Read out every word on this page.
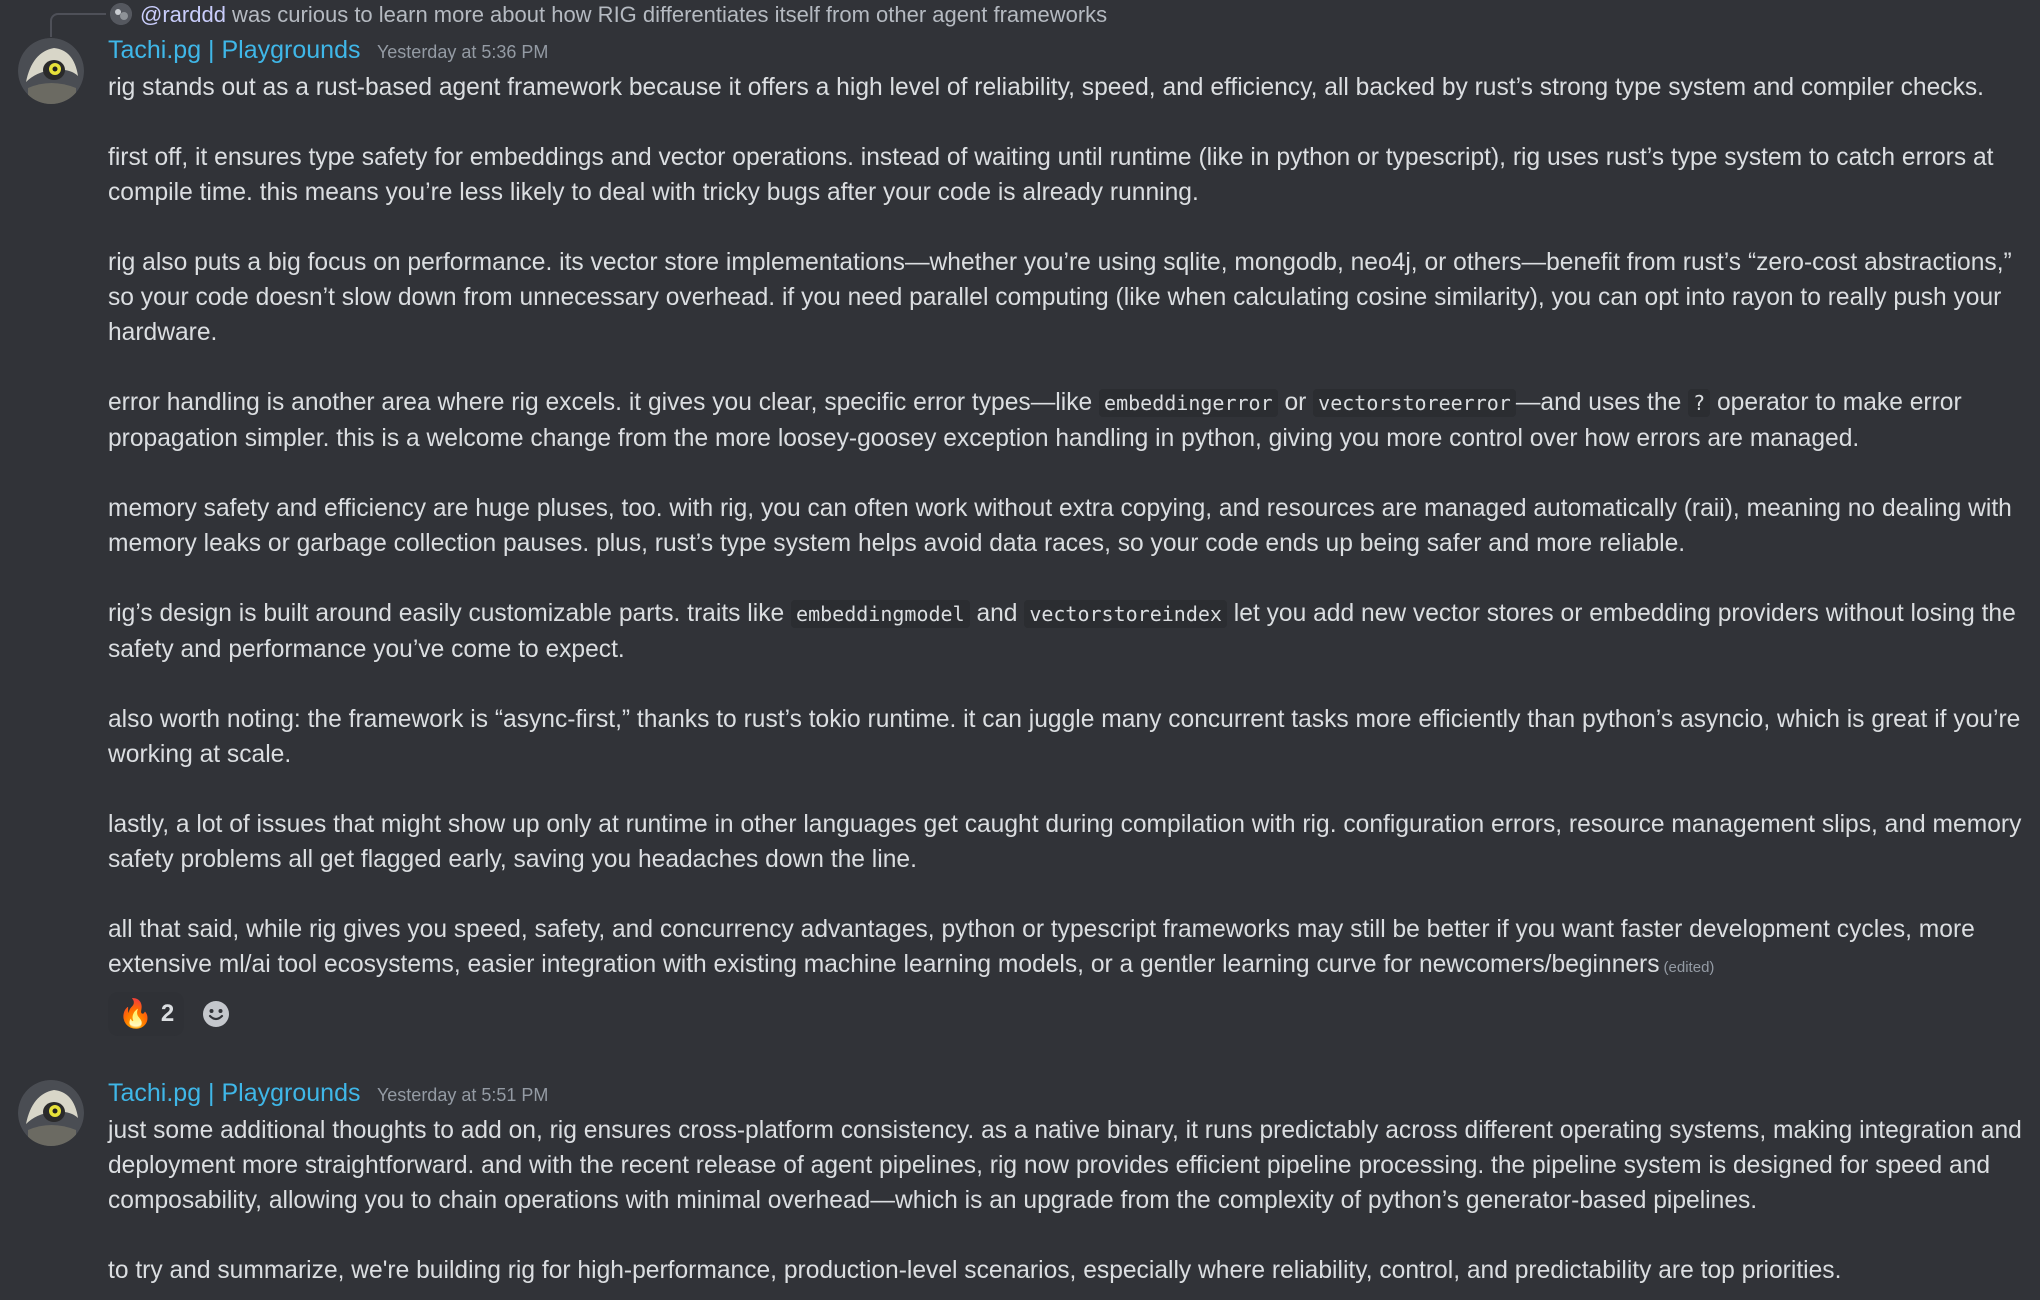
@rarddd was curious to learn more about how RIG differentiates itself from other agent frameworks
Tachi.pg | Playgrounds Yesterday at 5:36 PM

rig stands out as a rust-based agent framework because it offers a high level of reliability, speed, and efficiency, all backed by rust’s strong type system and compiler checks.

first off, it ensures type safety for embeddings and vector operations. instead of waiting until runtime (like in python or typescript), rig uses rust’s type system to catch errors at compile time. this means you’re less likely to deal with tricky bugs after your code is already running.

rig also puts a big focus on performance. its vector store implementations—whether you’re using sqlite, mongodb, neo4j, or others—benefit from rust’s “zero-cost abstractions,” so your code doesn’t slow down from unnecessary overhead. if you need parallel computing (like when calculating cosine similarity), you can opt into rayon to really push your hardware.

error handling is another area where rig excels. it gives you clear, specific error types—like embeddingerror or vectorstoreerror —and uses the ? operator to make error propagation simpler. this is a welcome change from the more loosey-goosey exception handling in python, giving you more control over how errors are managed.

memory safety and efficiency are huge pluses, too. with rig, you can often work without extra copying, and resources are managed automatically (raii), meaning no dealing with memory leaks or garbage collection pauses. plus, rust’s type system helps avoid data races, so your code ends up being safer and more reliable.

rig’s design is built around easily customizable parts. traits like embeddingmodel and vectorstoreindex let you add new vector stores or embedding providers without losing the safety and performance you’ve come to expect.

also worth noting: the framework is “async-first,” thanks to rust’s tokio runtime. it can juggle many concurrent tasks more efficiently than python’s asyncio, which is great if you’re working at scale.

lastly, a lot of issues that might show up only at runtime in other languages get caught during compilation with rig. configuration errors, resource management slips, and memory safety problems all get flagged early, saving you headaches down the line.

all that said, while rig gives you speed, safety, and concurrency advantages, python or typescript frameworks may still be better if you want faster development cycles, more extensive ml/ai tool ecosystems, easier integration with existing machine learning models, or a gentler learning curve for newcomers/beginners (edited)

🔥 2
Tachi.pg | Playgrounds Yesterday at 5:51 PM

just some additional thoughts to add on, rig ensures cross-platform consistency. as a native binary, it runs predictably across different operating systems, making integration and deployment more straightforward. and with the recent release of agent pipelines, rig now provides efficient pipeline processing. the pipeline system is designed for speed and composability, allowing you to chain operations with minimal overhead—which is an upgrade from the complexity of python’s generator-based pipelines.

to try and summarize, we're building rig for high-performance, production-level scenarios, especially where reliability, control, and predictability are top priorities.
